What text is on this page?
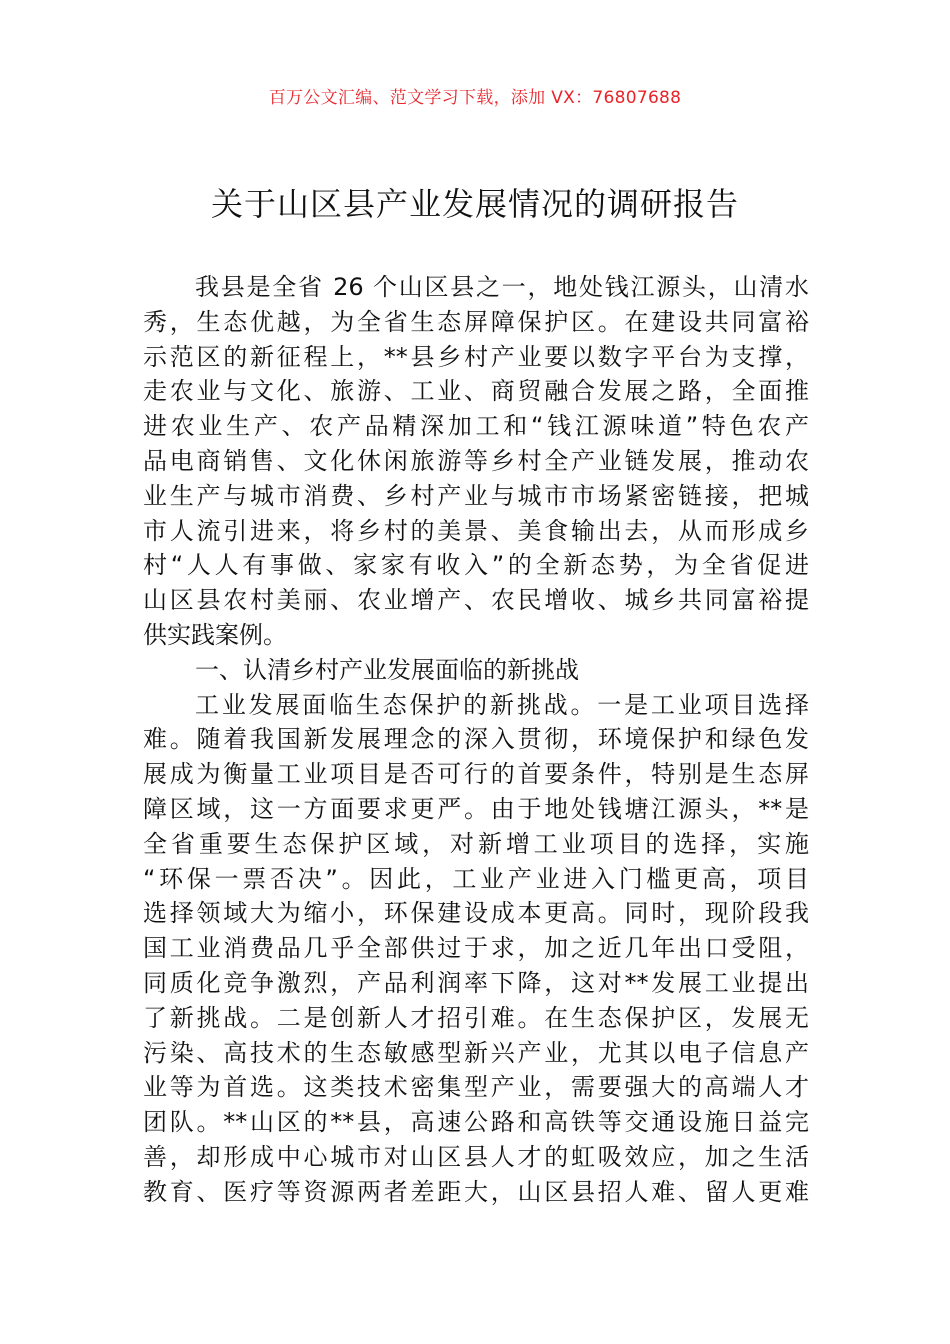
百万公文汇编、范文学习下载，添加 VX：76807688
关于山区县产业发展情况的调研报告
我县是全省 26 个山区县之一，地处钱江源头，山清水
秀，生态优越，为全省生态屏障保护区。在建设共同富裕
示范区的新征程上，**县乡村产业要以数字平台为支撑，
走农业与文化、旅游、工业、商贸融合发展之路，全面推
进农业生产、农产品精深加工和“钱江源味道”特色农产
品电商销售、文化休闲旅游等乡村全产业链发展，推动农
业生产与城市消费、乡村产业与城市市场紧密链接，把城
市人流引进来，将乡村的美景、美食输出去，从而形成乡
村“人人有事做、家家有收入”的全新态势，为全省促进
山区县农村美丽、农业增产、农民增收、城乡共同富裕提
供实践案例。
一、认清乡村产业发展面临的新挑战
工业发展面临生态保护的新挑战。一是工业项目选择
难。随着我国新发展理念的深入贯彻，环境保护和绿色发
展成为衡量工业项目是否可行的首要条件，特别是生态屏
障区域，这一方面要求更严。由于地处钱塘江源头，**是
全省重要生态保护区域，对新增工业项目的选择，实施
“环保一票否决”。因此，工业产业进入门槛更高，项目
选择领域大为缩小，环保建设成本更高。同时，现阶段我
国工业消费品几乎全部供过于求，加之近几年出口受阻，
同质化竞争激烈，产品利润率下降，这对**发展工业提出
了新挑战。二是创新人才招引难。在生态保护区，发展无
污染、高技术的生态敏感型新兴产业，尤其以电子信息产
业等为首选。这类技术密集型产业，需要强大的高端人才
团队。**山区的**县，高速公路和高铁等交通设施日益完
善，却形成中心城市对山区县人才的虹吸效应，加之生活
教育、医疗等资源两者差距大，山区县招人难、留人更难
